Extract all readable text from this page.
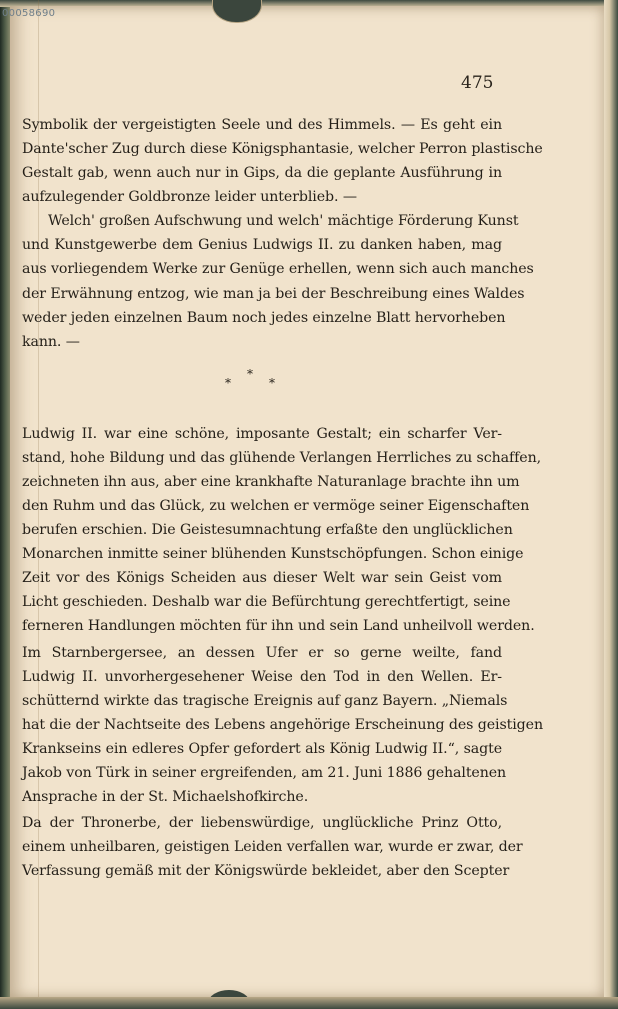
00058690
475
Symbolik der vergeistigten Seele und des Himmels. — Es geht ein
Dante'scher Zug durch diese Königsphantasie, welcher Perron plastische
Gestalt gab, wenn auch nur in Gips, da die geplante Ausführung in
aufzulegender Goldbronze leider unterblieb. —
Welch' großen Aufschwung und welch' mächtige Förderung Kunst
und Kunstgewerbe dem Genius Ludwigs II. zu danken haben, mag
aus vorliegendem Werke zur Genüge erhellen, wenn sich auch manches
der Erwähnung entzog, wie man ja bei der Beschreibung eines Waldes
weder jeden einzelnen Baum noch jedes einzelne Blatt hervorheben
kann. —
*
*	*
Ludwig II. war eine schöne, imposante Gestalt; ein scharfer Ver-
stand, hohe Bildung und das glühende Verlangen Herrliches zu schaffen,
zeichneten ihn aus, aber eine krankhafte Naturanlage brachte ihn um
den Ruhm und das Glück, zu welchen er vermöge seiner Eigenschaften
berufen erschien. Die Geistesumnachtung erfaßte den unglücklichen
Monarchen inmitte seiner blühenden Kunstschöpfungen. Schon einige
Zeit vor des Königs Scheiden aus dieser Welt war sein Geist vom
Licht geschieden. Deshalb war die Befürchtung gerechtfertigt, seine
ferneren Handlungen möchten für ihn und sein Land unheilvoll werden.
Im Starnbergersee, an dessen Ufer er so gerne weilte, fand
Ludwig II. unvorhergesehener Weise den Tod in den Wellen. Er-
schütternd wirkte das tragische Ereignis auf ganz Bayern. „Niemals
hat die der Nachtseite des Lebens angehörige Erscheinung des geistigen
Krankseins ein edleres Opfer gefordert als König Ludwig II.“, sagte
Jakob von Türk in seiner ergreifenden, am 21. Juni 1886 gehaltenen
Ansprache in der St. Michaelshofkirche.
Da der Thronerbe, der liebenswürdige, unglückliche Prinz Otto,
einem unheilbaren, geistigen Leiden verfallen war, wurde er zwar, der
Verfassung gemäß mit der Königswürde bekleidet, aber den Scepter
